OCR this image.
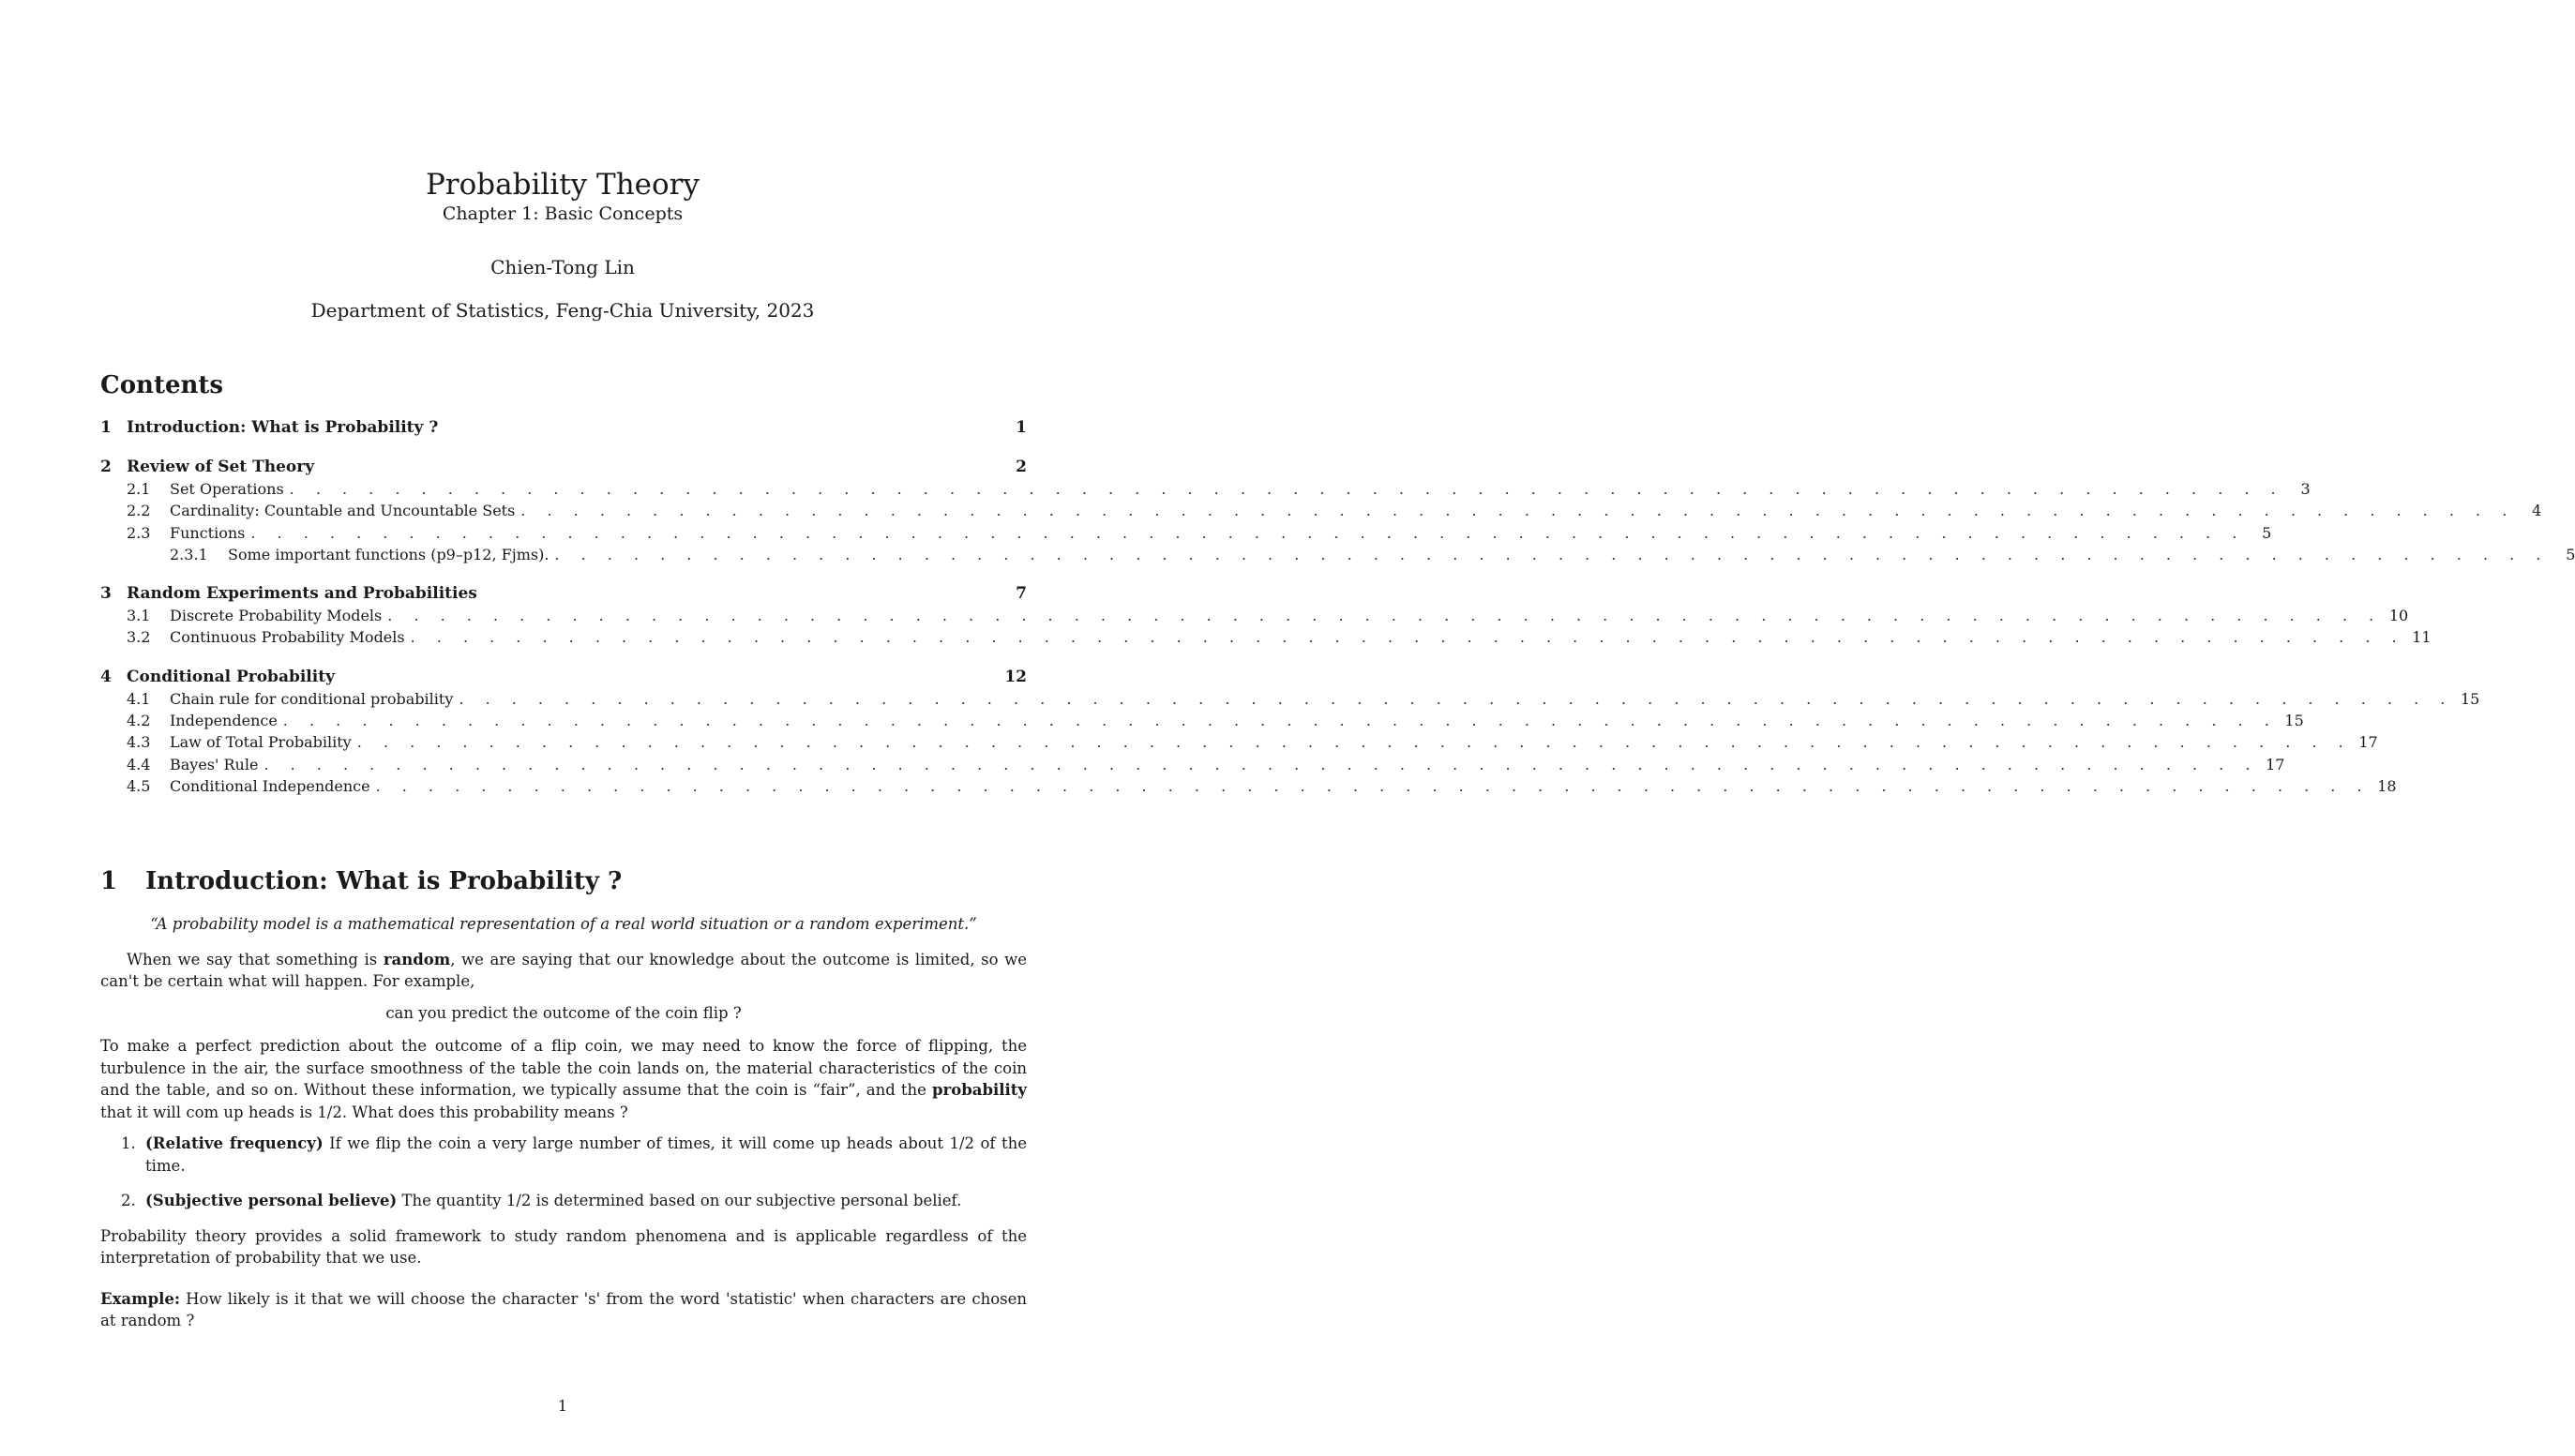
Probability Theory
Chapter 1: Basic Concepts
Chien-Tong Lin
Department of Statistics, Feng-Chia University, 2023
Contents
1 Introduction: What is Probability ?	1
2 Review of Set Theory	2
2.1	Set Operations . . . . . . . . . . . . . . . . . . . . . . . . . . . . . . . . . . . . . . . . . . . . . . . . . . . . . . . . . . . . . . . . . . . . . . . . . . . .	3
2.2	Cardinality: Countable and Uncountable Sets . . . . . . . . . . . . . . . . . . . . . . . . . . . . . . . . . . . . . . . . . . . . . . . . . . . . . . . . . . . . . . . . . . . . . . . . . . . .	4
2.3	Functions . . . . . . . . . . . . . . . . . . . . . . . . . . . . . . . . . . . . . . . . . . . . . . . . . . . . . . . . . . . . . . . . . . . . . . . . . . . .	5
2.3.1	Some important functions (p9–p12, Fjms). . . . . . . . . . . . . . . . . . . . . . . . . . . . . . . . . . . . . . . . . . . . . . . . . . . . . . . . . . . . . . . . . . . . . . . . . . . . .	5
3 Random Experiments and Probabilities	7
3.1	Discrete Probability Models . . . . . . . . . . . . . . . . . . . . . . . . . . . . . . . . . . . . . . . . . . . . . . . . . . . . . . . . . . . . . . . . . . . . . . . . . . . . 10
3.2	Continuous Probability Models . . . . . . . . . . . . . . . . . . . . . . . . . . . . . . . . . . . . . . . . . . . . . . . . . . . . . . . . . . . . . . . . . . . . . . . . . . . . 11
4 Conditional Probability	12
4.1	Chain rule for conditional probability . . . . . . . . . . . . . . . . . . . . . . . . . . . . . . . . . . . . . . . . . . . . . . . . . . . . . . . . . . . . . . . . . . . . . . . . . . . . 15
4.2	Independence . . . . . . . . . . . . . . . . . . . . . . . . . . . . . . . . . . . . . . . . . . . . . . . . . . . . . . . . . . . . . . . . . . . . . . . . . . . . 15
4.3	Law of Total Probability . . . . . . . . . . . . . . . . . . . . . . . . . . . . . . . . . . . . . . . . . . . . . . . . . . . . . . . . . . . . . . . . . . . . . . . . . . . . 17
4.4	Bayes' Rule . . . . . . . . . . . . . . . . . . . . . . . . . . . . . . . . . . . . . . . . . . . . . . . . . . . . . . . . . . . . . . . . . . . . . . . . . . . . 17
4.5	Conditional Independence . . . . . . . . . . . . . . . . . . . . . . . . . . . . . . . . . . . . . . . . . . . . . . . . . . . . . . . . . . . . . . . . . . . . . . . . . . . . 18
1	Introduction: What is Probability ?

“A probability model is a mathematical representation of a real world situation or a random experiment.”

When we say that something is random, we are saying that our knowledge about the outcome is limited, so we can't be certain what will happen. For example,

can you predict the outcome of the coin flip ?

To make a perfect prediction about the outcome of a flip coin, we may need to know the force of flipping, the turbulence in the air, the surface smoothness of the table the coin lands on, the material characteristics of the coin and the table, and so on. Without these information, we typically assume that the coin is “fair”, and the probability that it will com up heads is 1/2. What does this probability means ?

1. (Relative frequency) If we flip the coin a very large number of times, it will come up heads about 1/2 of the time.
2. (Subjective personal believe) The quantity 1/2 is determined based on our subjective personal belief.

Probability theory provides a solid framework to study random phenomena and is applicable regardless of the interpretation of probability that we use.

Example: How likely is it that we will choose the character 's' from the word 'statistic' when characters are chosen at random ?

1
